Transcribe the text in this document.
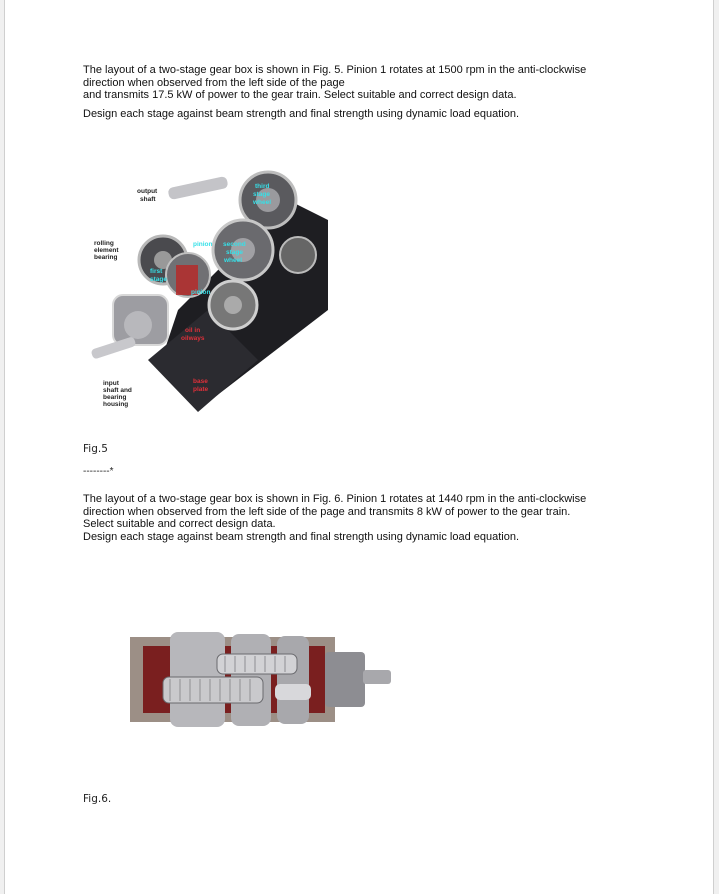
The layout of a two-stage gear box is shown in Fig. 5. Pinion 1 rotates at 1500 rpm in the anti-clockwise
direction when observed from the left side of the page
and transmits 17.5 kW of power to the gear train. Select suitable and correct design data.
Design each stage against beam strength and final strength using dynamic load equation.
output
shaft
rolling
element
bearing
third
stage
wheel
pinion second
stage
wheel
first
stage
pinion
oil in
oilways
input
shaft and
bearing
housing
base
plate
Fig.5
--------*
The layout of a two-stage gear box is shown in Fig. 6. Pinion 1 rotates at 1440 rpm in the anti-clockwise
direction when observed from the left side of the page and transmits 8 kW of power to the gear train.
Select suitable and correct design data.
Design each stage against beam strength and final strength using dynamic load equation.
Fig.6.
